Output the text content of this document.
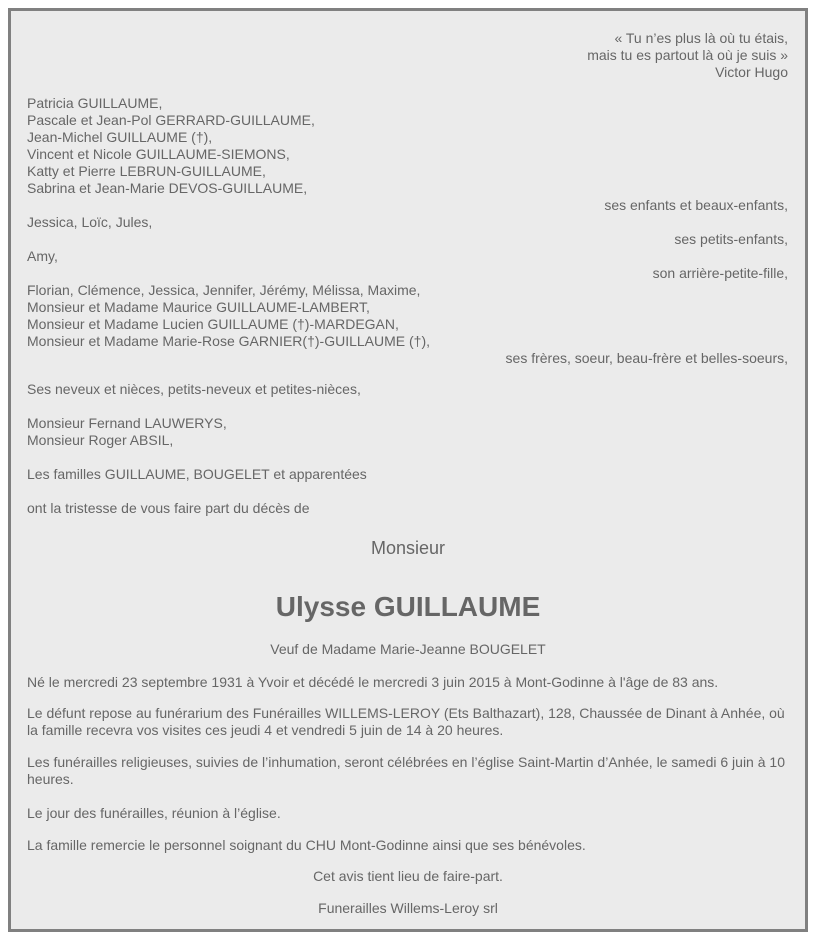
« Tu n’es plus là où tu étais,
mais tu es partout là où je suis »
Victor Hugo
Patricia GUILLAUME,
Pascale et Jean-Pol GERRARD-GUILLAUME,
Jean-Michel GUILLAUME (†),
Vincent et Nicole GUILLAUME-SIEMONS,
Katty et Pierre LEBRUN-GUILLAUME,
Sabrina et Jean-Marie DEVOS-GUILLAUME,
ses enfants et beaux-enfants,
Jessica, Loïc, Jules,
ses petits-enfants,
Amy,
son arrière-petite-fille,
Florian, Clémence, Jessica, Jennifer, Jérémy, Mélissa, Maxime,
Monsieur et Madame Maurice GUILLAUME-LAMBERT,
Monsieur et Madame Lucien GUILLAUME (†)-MARDEGAN,
Monsieur et Madame Marie-Rose GARNIER(†)-GUILLAUME (†),
ses frères, soeur, beau-frère et belles-soeurs,
Ses neveux et nièces, petits-neveux et petites-nièces,
Monsieur Fernand LAUWERYS,
Monsieur Roger ABSIL,
Les familles GUILLAUME, BOUGELET et apparentées
ont la tristesse de vous faire part du décès de
Monsieur
Ulysse GUILLAUME
Veuf de Madame Marie-Jeanne BOUGELET
Né le mercredi 23 septembre 1931 à Yvoir et décédé le mercredi 3 juin 2015 à Mont-Godinne à l'âge de 83 ans.
Le défunt repose au funérarium des Funérailles WILLEMS-LEROY (Ets Balthazart), 128, Chaussée de Dinant à Anhée, où la famille recevra vos visites ces jeudi 4 et vendredi 5 juin de 14 à 20 heures.
Les funérailles religieuses, suivies de l’inhumation, seront célébrées en l’église Saint-Martin d’Anhée, le samedi 6 juin à 10 heures.
Le jour des funérailles, réunion à l’église.
La famille remercie le personnel soignant du CHU Mont-Godinne ainsi que ses bénévoles.
Cet avis tient lieu de faire-part.
Funerailles Willems-Leroy srl
